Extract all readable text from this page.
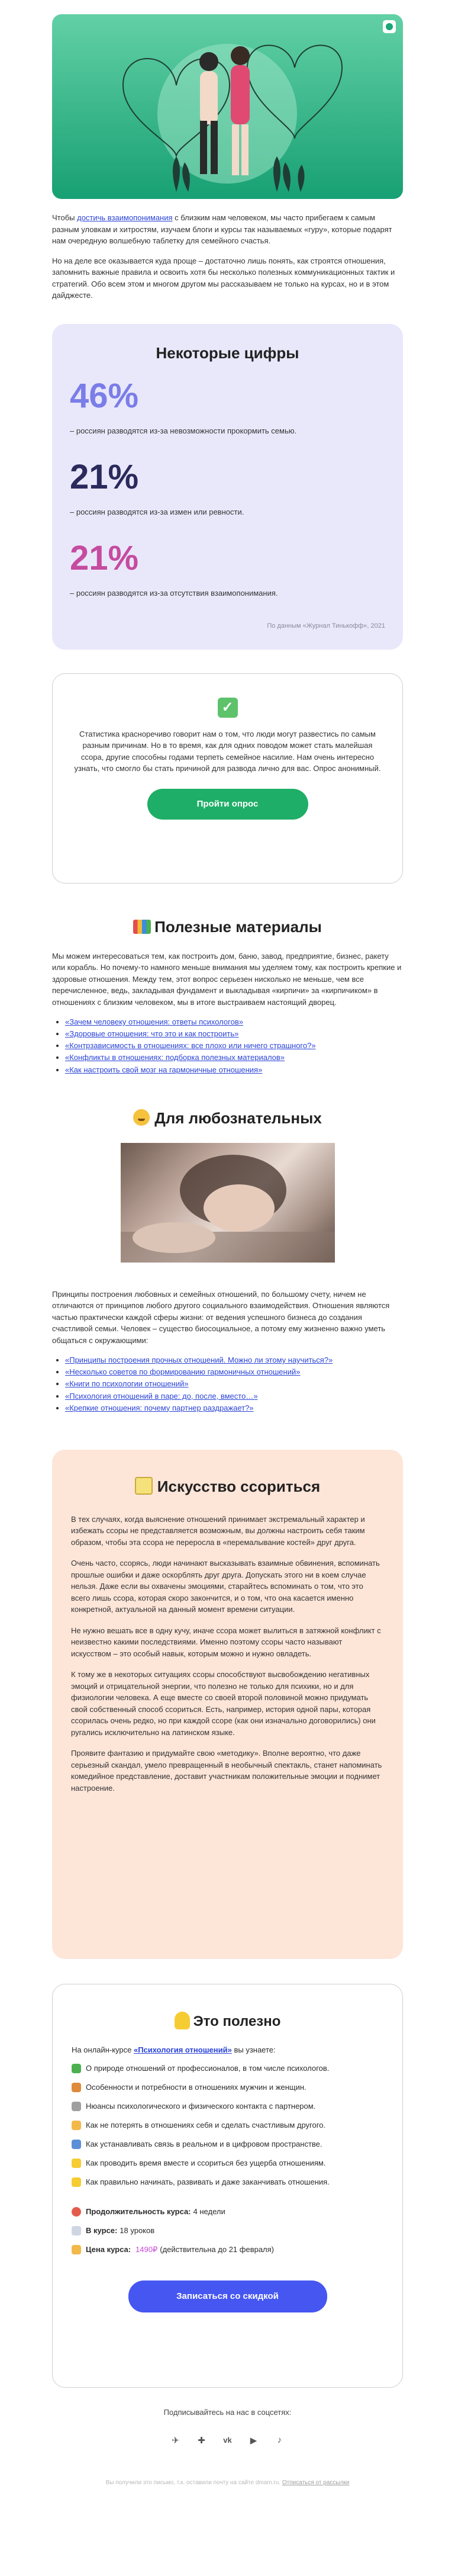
Чтобы достичь взаимопонимания с близким нам человеком, мы часто прибегаем к самым разным уловкам и хитростям, изучаем блоги и курсы так называемых «гуру», которые подарят нам очередную волшебную таблетку для семейного счастья.

Но на деле все оказывается куда проще – достаточно лишь понять, как строятся отношения, запомнить важные правила и освоить хотя бы несколько полезных коммуникационных тактик и стратегий. Обо всем этом и многом другом мы рассказываем не только на курсах, но и в этом дайджесте.

Некоторые цифры
46%
– россиян разводятся из-за невозможности прокормить семью.
21%
– россиян разводятся из-за измен или ревности.
21%
– россиян разводятся из-за отсутствия взаимопонимания.
По данным «Журнал Тинькофф», 2021
✓

Статистика красноречиво говорит нам о том, что люди могут развестись по самым разным причинам. Но в то время, как для одних поводом может стать малейшая ссора, другие способны годами терпеть семейное насилие. Нам очень интересно узнать, что смогло бы стать причиной для развода лично для вас. Опрос анонимный.

Пройти опрос
Полезные материалы

Мы можем интересоваться тем, как построить дом, баню, завод, предприятие, бизнес, ракету или корабль. Но почему-то намного меньше внимания мы уделяем тому, как построить крепкие и здоровые отношения. Между тем, этот вопрос серьезен нисколько не меньше, чем все перечисленное, ведь, закладывая фундамент и выкладывая «кирпичи» за «кирпичиком» в отношениях с близким человеком, мы в итоге выстраиваем настоящий дворец.

• «Зачем человеку отношения: ответы психологов»
• «Здоровые отношения: что это и как построить»
• «Контрзависимость в отношениях: все плохо или ничего страшного?»
• «Конфликты в отношениях: подборка полезных материалов»
• «Как настроить свой мозг на гармоничные отношения»
Для любознательных

Принципы построения любовных и семейных отношений, по большому счету, ничем не отличаются от принципов любого другого социального взаимодействия. Отношения являются частью практически каждой сферы жизни: от ведения успешного бизнеса до создания счастливой семьи. Человек – существо биосоциальное, а потому ему жизненно важно уметь общаться с окружающими:

• «Принципы построения прочных отношений. Можно ли этому научиться?»
• «Несколько советов по формированию гармоничных отношений»
• «Книги по психологии отношений»
• «Психология отношений в паре: до, после, вместо…»
• «Крепкие отношения: почему партнер раздражает?»
Искусство ссориться

В тех случаях, когда выяснение отношений принимает экстремальный характер и избежать ссоры не представляется возможным, вы должны настроить себя таким образом, чтобы эта ссора не переросла в «перемалывание костей» друг друга.

Очень часто, ссорясь, люди начинают высказывать взаимные обвинения, вспоминать прошлые ошибки и даже оскорблять друг друга. Допускать этого ни в коем случае нельзя. Даже если вы охвачены эмоциями, старайтесь вспоминать о том, что это всего лишь ссора, которая скоро закончится, и о том, что она касается именно конкретной, актуальной на данный момент времени ситуации.

Не нужно вешать все в одну кучу, иначе ссора может вылиться в затяжной конфликт с неизвестно какими последствиями. Именно поэтому ссоры часто называют искусством – это особый навык, которым можно и нужно овладеть.

К тому же в некоторых ситуациях ссоры способствуют высвобождению негативных эмоций и отрицательной энергии, что полезно не только для психики, но и для физиологии человека. А еще вместе со своей второй половиной можно придумать свой собственный способ ссориться. Есть, например, история одной пары, которая ссорилась очень редко, но при каждой ссоре (как они изначально договорились) они ругались исключительно на латинском языке.

Проявите фантазию и придумайте свою «методику». Вполне вероятно, что даже серьезный скандал, умело превращенный в необычный спектакль, станет напоминать комедийное представление, доставит участникам положительные эмоции и поднимет настроение.

Это полезно

На онлайн-курсе «Психология отношений» вы узнаете:

О природе отношений от профессионалов, в том числе психологов.
Особенности и потребности в отношениях мужчин и женщин.
Нюансы психологического и физического контакта с партнером.
Как не потерять в отношениях себя и сделать счастливым другого.
Как устанавливать связь в реальном и в цифровом пространстве.
Как проводить время вместе и ссориться без ущерба отношениям.
Как правильно начинать, развивать и даже заканчивать отношения.
Продолжительность курса: 4 недели
В курсе: 18 уроков
Цена курса: 1490₽ (действительна до 21 февраля)
Записаться со скидкой

Подписывайтесь на нас в соцсетях:

✈ ✚ vk ▶	♪

Вы получили это письмо, т.к. оставили почту на сайте dmam.ru. Отписаться от рассылки
